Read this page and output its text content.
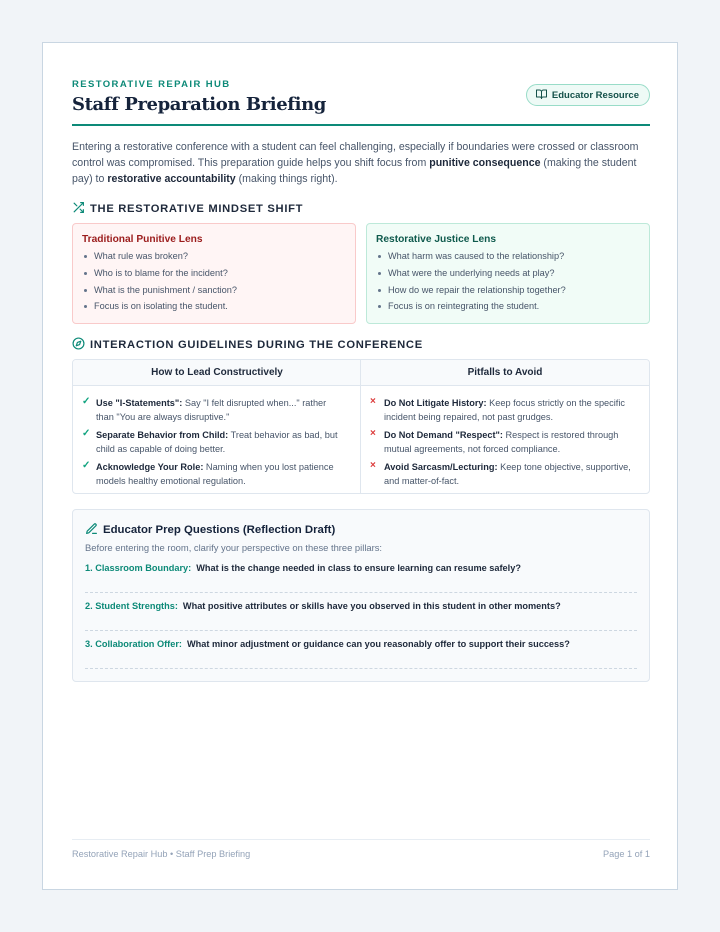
RESTORATIVE REPAIR HUB
Staff Preparation Briefing	Educator Resource

Entering a restorative conference with a student can feel challenging, especially if boundaries were crossed or classroom control was compromised. This preparation guide helps you shift focus from punitive consequence (making the student pay) to restorative accountability (making things right).

THE RESTORATIVE MINDSET SHIFT
Traditional Punitive Lens
What rule was broken?
Who is to blame for the incident?
What is the punishment / sanction?
Focus is on isolating the student.
Restorative Justice Lens
What harm was caused to the relationship?
What were the underlying needs at play?
How do we repair the relationship together?
Focus is on reintegrating the student.
INTERACTION GUIDELINES DURING THE CONFERENCE
How to Lead Constructively	Pitfalls to Avoid
✓ Use "I-Statements": Say "I felt disrupted when..." rather than "You are always disruptive."
✓ Separate Behavior from Child: Treat behavior as bad, but child as capable of doing better.
✓ Acknowledge Your Role: Naming when you lost patience models healthy emotional regulation.
× Do Not Litigate History: Keep focus strictly on the specific incident being repaired, not past grudges.
× Do Not Demand "Respect": Respect is restored through mutual agreements, not forced compliance.
× Avoid Sarcasm/Lecturing: Keep tone objective, supportive, and matter-of-fact.
Educator Prep Questions (Reflection Draft)
Before entering the room, clarify your perspective on these three pillars:
1. Classroom Boundary: What is the change needed in class to ensure learning can resume safely?
2. Student Strengths: What positive attributes or skills have you observed in this student in other moments?
3. Collaboration Offer: What minor adjustment or guidance can you reasonably offer to support their success?
Restorative Repair Hub • Staff Prep Briefing	Page 1 of 1
